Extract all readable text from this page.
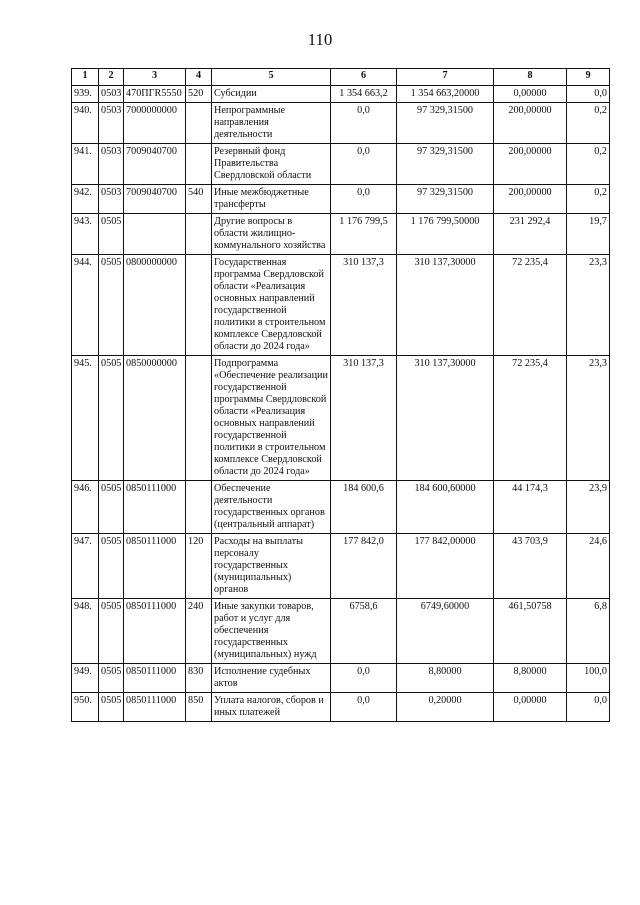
110
1	2	3	4	5	6	7	8	9
939.	0503	470ПГR5550	520	Субсидии	1 354 663,2	1 354 663,20000	0,00000	0,0
940.	0503	7000000000		Непрограммные направления деятельности	0,0	97 329,31500	200,00000	0,2
941.	0503	7009040700		Резервный фонд Правительства Свердловской области	0,0	97 329,31500	200,00000	0,2
942.	0503	7009040700	540	Иные межбюджетные трансферты	0,0	97 329,31500	200,00000	0,2
943.	0505			Другие вопросы в области жилищно-коммунального хозяйства	1 176 799,5	1 176 799,50000	231 292,4	19,7
944.	0505	0800000000		Государственная программа Свердловской области «Реализация основных направлений государственной политики в строительном комплексе Свердловской области до 2024 года»	310 137,3	310 137,30000	72 235,4	23,3
945.	0505	0850000000		Подпрограмма «Обеспечение реализации государственной программы Свердловской области «Реализация основных направлений государственной политики в строительном комплексе Свердловской области до 2024 года»	310 137,3	310 137,30000	72 235,4	23,3
946.	0505	0850111000		Обеспечение деятельности государственных органов (центральный аппарат)	184 600,6	184 600,60000	44 174,3	23,9
947.	0505	0850111000	120	Расходы на выплаты персоналу государственных (муниципальных) органов	177 842,0	177 842,00000	43 703,9	24,6
948.	0505	0850111000	240	Иные закупки товаров, работ и услуг для обеспечения государственных (муниципальных) нужд	6758,6	6749,60000	461,50758	6,8
949.	0505	0850111000	830	Исполнение судебных актов	0,0	8,80000	8,80000	100,0
950.	0505	0850111000	850	Уплата налогов, сборов и иных платежей	0,0	0,20000	0,00000	0,0
